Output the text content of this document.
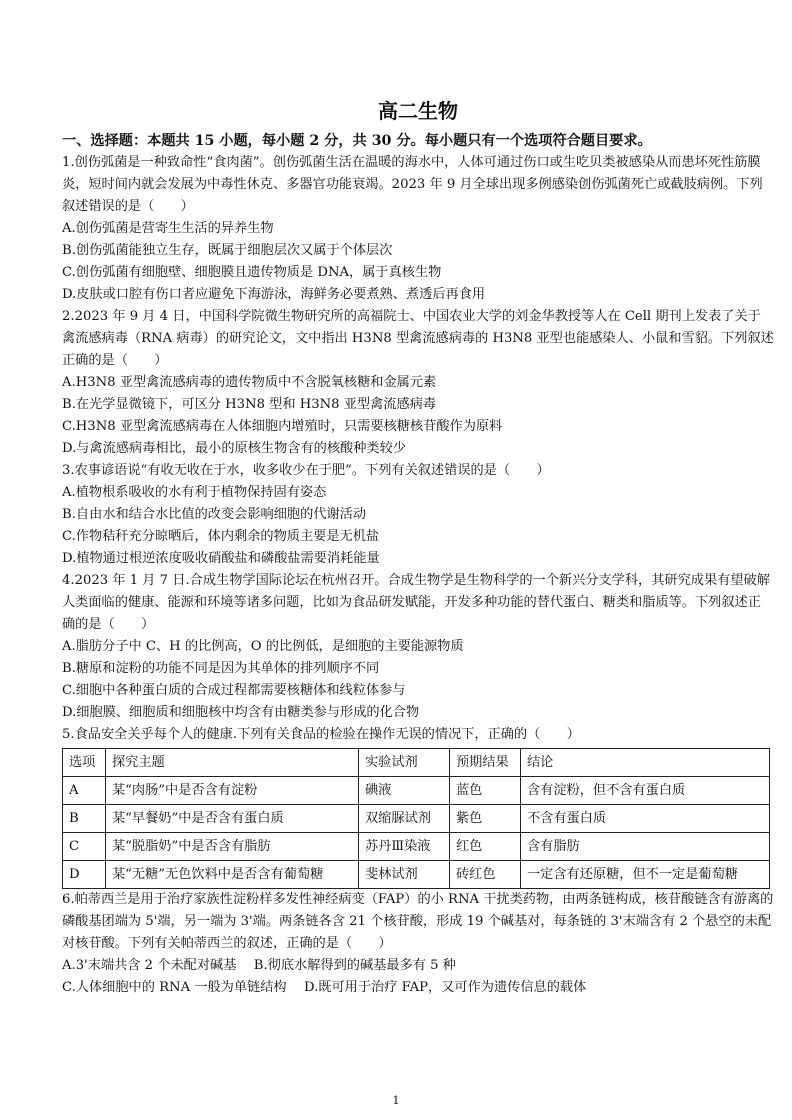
高二生物
一、选择题：本题共 15 小题，每小题 2 分，共 30 分。每小题只有一个选项符合题目要求。

1.创伤弧菌是一种致命性“食肉菌”。创伤弧菌生活在温暖的海水中，人体可通过伤口或生吃贝类被感染从而患坏死性筋膜炎，短时间内就会发展为中毒性休克、多器官功能衰竭。2023 年 9 月全球出现多例感染创伤弧菌死亡或截肢病例。下列叙述错误的是（　　）

A.创伤弧菌是营寄生生活的异养生物

B.创伤弧菌能独立生存，既属于细胞层次又属于个体层次

C.创伤弧菌有细胞壁、细胞膜且遗传物质是 DNA，属于真核生物

D.皮肤或口腔有伤口者应避免下海游泳，海鲜务必要煮熟、煮透后再食用

2.2023 年 9 月 4 日，中国科学院微生物研究所的高福院士、中国农业大学的刘金华教授等人在 Cell 期刊上发表了关于禽流感病毒（RNA 病毒）的研究论文，文中指出 H3N8 型禽流感病毒的 H3N8 亚型也能感染人、小鼠和雪貂。下列叙述正确的是（　　）

A.H3N8 亚型禽流感病毒的遗传物质中不含脱氧核糖和金属元素

B.在光学显微镜下，可区分 H3N8 型和 H3N8 亚型禽流感病毒

C.H3N8 亚型禽流感病毒在人体细胞内增殖时，只需要核糖核苷酸作为原料

D.与禽流感病毒相比，最小的原核生物含有的核酸种类较少

3.农事谚语说“有收无收在于水，收多收少在于肥”。下列有关叙述错误的是（　　）

A.植物根系吸收的水有利于植物保持固有姿态

B.自由水和结合水比值的改变会影响细胞的代谢活动

C.作物秸秆充分晾晒后，体内剩余的物质主要是无机盐

D.植物通过根逆浓度吸收硝酸盐和磷酸盐需要消耗能量

4.2023 年 1 月 7 日.合成生物学国际论坛在杭州召开。合成生物学是生物科学的一个新兴分支学科，其研究成果有望破解人类面临的健康、能源和环境等诸多问题，比如为食品研发赋能，开发多种功能的替代蛋白、糖类和脂质等。下列叙述正确的是（　　）

A.脂肪分子中 C、H 的比例高，O 的比例低，是细胞的主要能源物质

B.糖原和淀粉的功能不同是因为其单体的排列顺序不同

C.细胞中各种蛋白质的合成过程都需要核糖体和线粒体参与

D.细胞膜、细胞质和细胞核中均含有由糖类参与形成的化合物

5.食品安全关乎每个人的健康.下列有关食品的检验在操作无误的情况下，正确的（　　）

选项	探究主题	实验试剂	预期结果	结论
A	某“肉肠”中是否含有淀粉	碘液	蓝色	含有淀粉，但不含有蛋白质
B	某“早餐奶”中是否含有蛋白质	双缩脲试剂	紫色	不含有蛋白质
C	某“脱脂奶”中是否含有脂肪	苏丹Ⅲ染液	红色	含有脂肪
D	某“无糖”无色饮料中是否含有葡萄糖	斐林试剂	砖红色	一定含有还原糖，但不一定是葡萄糖

6.帕蒂西兰是用于治疗家族性淀粉样多发性神经病变（FAP）的小 RNA 干扰类药物，由两条链构成，核苷酸链含有游离的磷酸基团端为 5'端，另一端为 3'端。两条链各含 21 个核苷酸，形成 19 个碱基对，每条链的 3'末端含有 2 个悬空的未配对核苷酸。下列有关帕蒂西兰的叙述，正确的是（　　）

A.3'末端共含 2 个未配对碱基　 B.彻底水解得到的碱基最多有 5 种

C.人体细胞中的 RNA 一般为单链结构　 D.既可用于治疗 FAP，又可作为遗传信息的载体

1
